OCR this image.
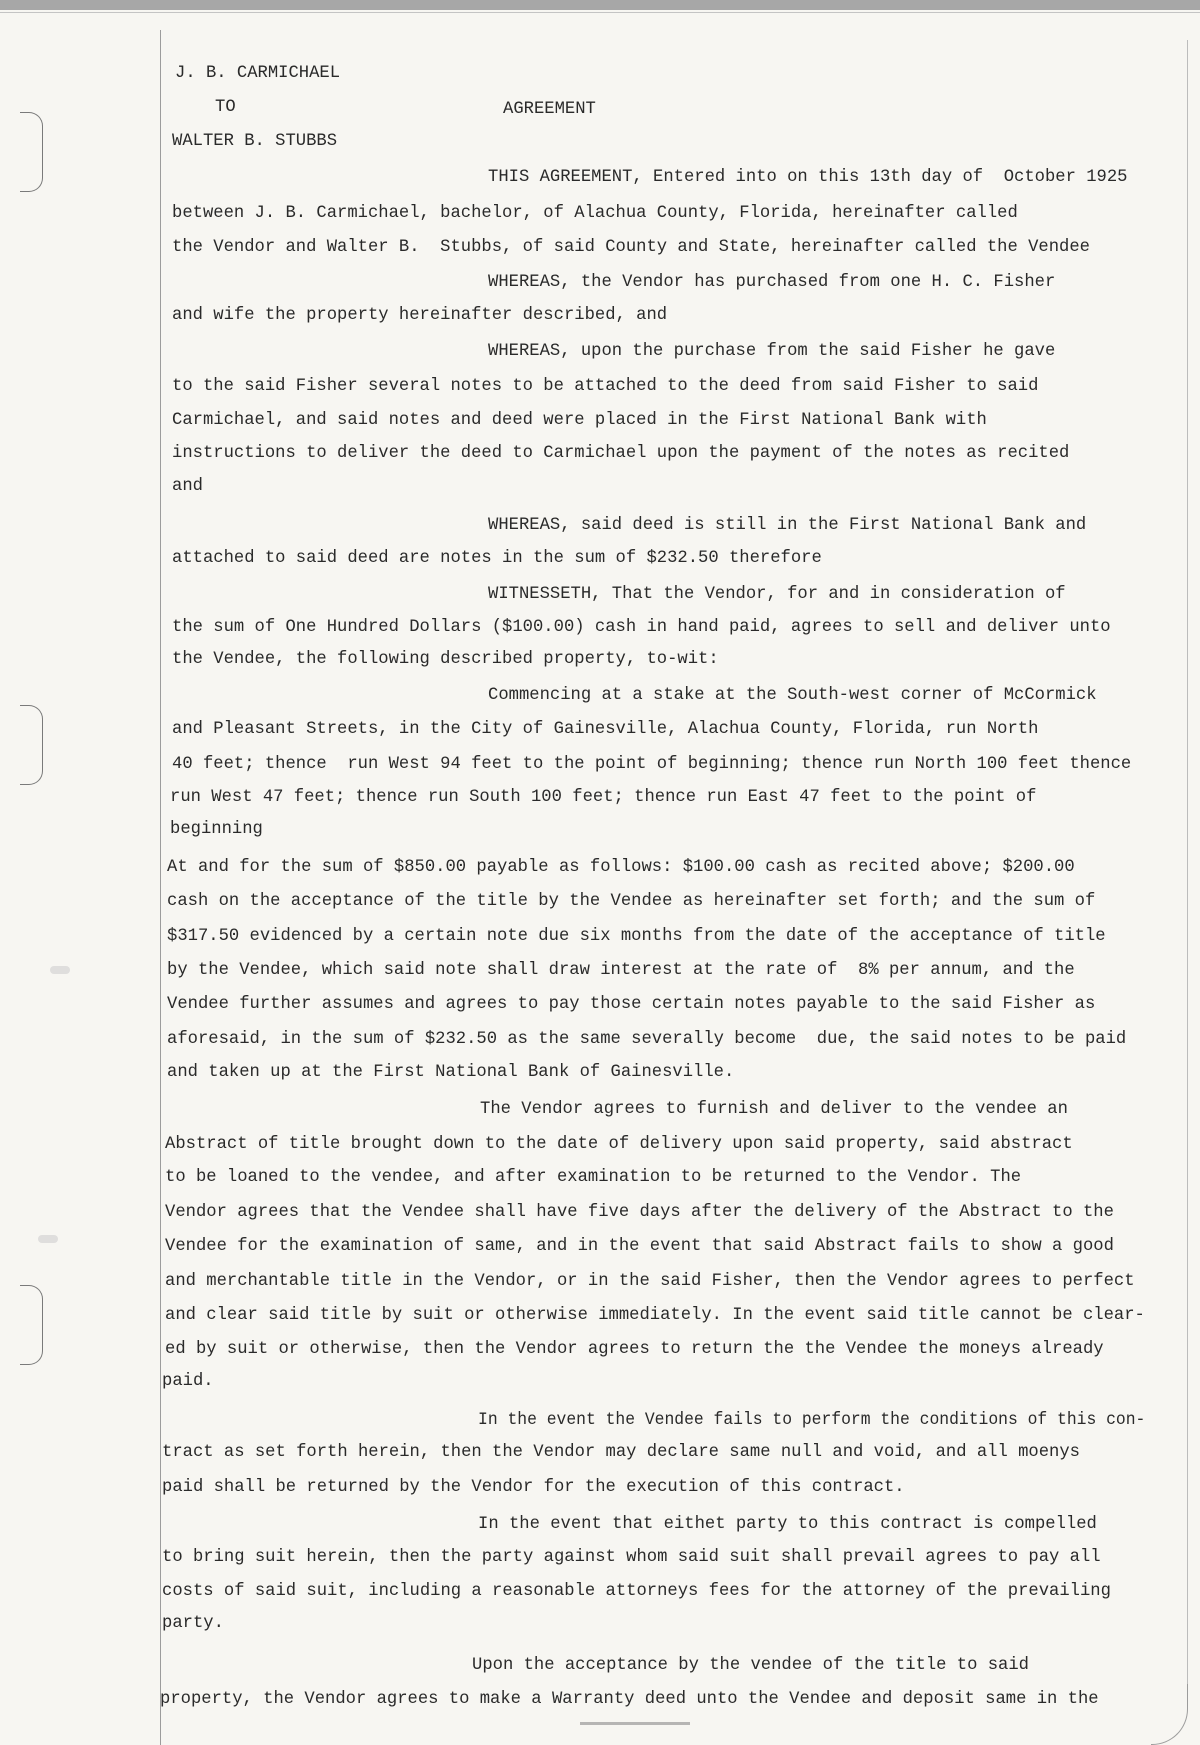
J. B. CARMICHAEL
TO	AGREEMENT
WALTER B. STUBBS
THIS AGREEMENT, Entered into on this 13th day of  October 1925
between J. B. Carmichael, bachelor, of Alachua County, Florida, hereinafter called
the Vendor and Walter B.  Stubbs, of said County and State, hereinafter called the Vendee
WHEREAS, the Vendor has purchased from one H. C. Fisher
and wife the property hereinafter described, and
WHEREAS, upon the purchase from the said Fisher he gave
to the said Fisher several notes to be attached to the deed from said Fisher to said
Carmichael, and said notes and deed were placed in the First National Bank with
instructions to deliver the deed to Carmichael upon the payment of the notes as recited
and
WHEREAS, said deed is still in the First National Bank and
attached to said deed are notes in the sum of $232.50 therefore
WITNESSETH, That the Vendor, for and in consideration of
the sum of One Hundred Dollars ($100.00) cash in hand paid, agrees to sell and deliver unto
the Vendee, the following described property, to-wit:
Commencing at a stake at the South-west corner of McCormick
and Pleasant Streets, in the City of Gainesville, Alachua County, Florida, run North
40 feet; thence  run West 94 feet to the point of beginning; thence run North 100 feet thence
run West 47 feet; thence run South 100 feet; thence run East 47 feet to the point of
beginning
At and for the sum of $850.00 payable as follows: $100.00 cash as recited above; $200.00
cash on the acceptance of the title by the Vendee as hereinafter set forth; and the sum of
$317.50 evidenced by a certain note due six months from the date of the acceptance of title
by the Vendee, which said note shall draw interest at the rate of  8% per annum, and the
Vendee further assumes and agrees to pay those certain notes payable to the said Fisher as
aforesaid, in the sum of $232.50 as the same severally become  due, the said notes to be paid
and taken up at the First National Bank of Gainesville.
The Vendor agrees to furnish and deliver to the vendee an
Abstract of title brought down to the date of delivery upon said property, said abstract
to be loaned to the vendee, and after examination to be returned to the Vendor. The
Vendor agrees that the Vendee shall have five days after the delivery of the Abstract to the
Vendee for the examination of same, and in the event that said Abstract fails to show a good
and merchantable title in the Vendor, or in the said Fisher, then the Vendor agrees to perfect
and clear said title by suit or otherwise immediately. In the event said title cannot be clear-
ed by suit or otherwise, then the Vendor agrees to return the the Vendee the moneys already
paid.
In the event the Vendee fails to perform the conditions of this con-
tract as set forth herein, then the Vendor may declare same null and void, and all moenys
paid shall be returned by the Vendor for the execution of this contract.
In the event that eithet party to this contract is compelled
to bring suit herein, then the party against whom said suit shall prevail agrees to pay all
costs of said suit, including a reasonable attorneys fees for the attorney of the prevailing
party.
Upon the acceptance by the vendee of the title to said
property, the Vendor agrees to make a Warranty deed unto the Vendee and deposit same in the
